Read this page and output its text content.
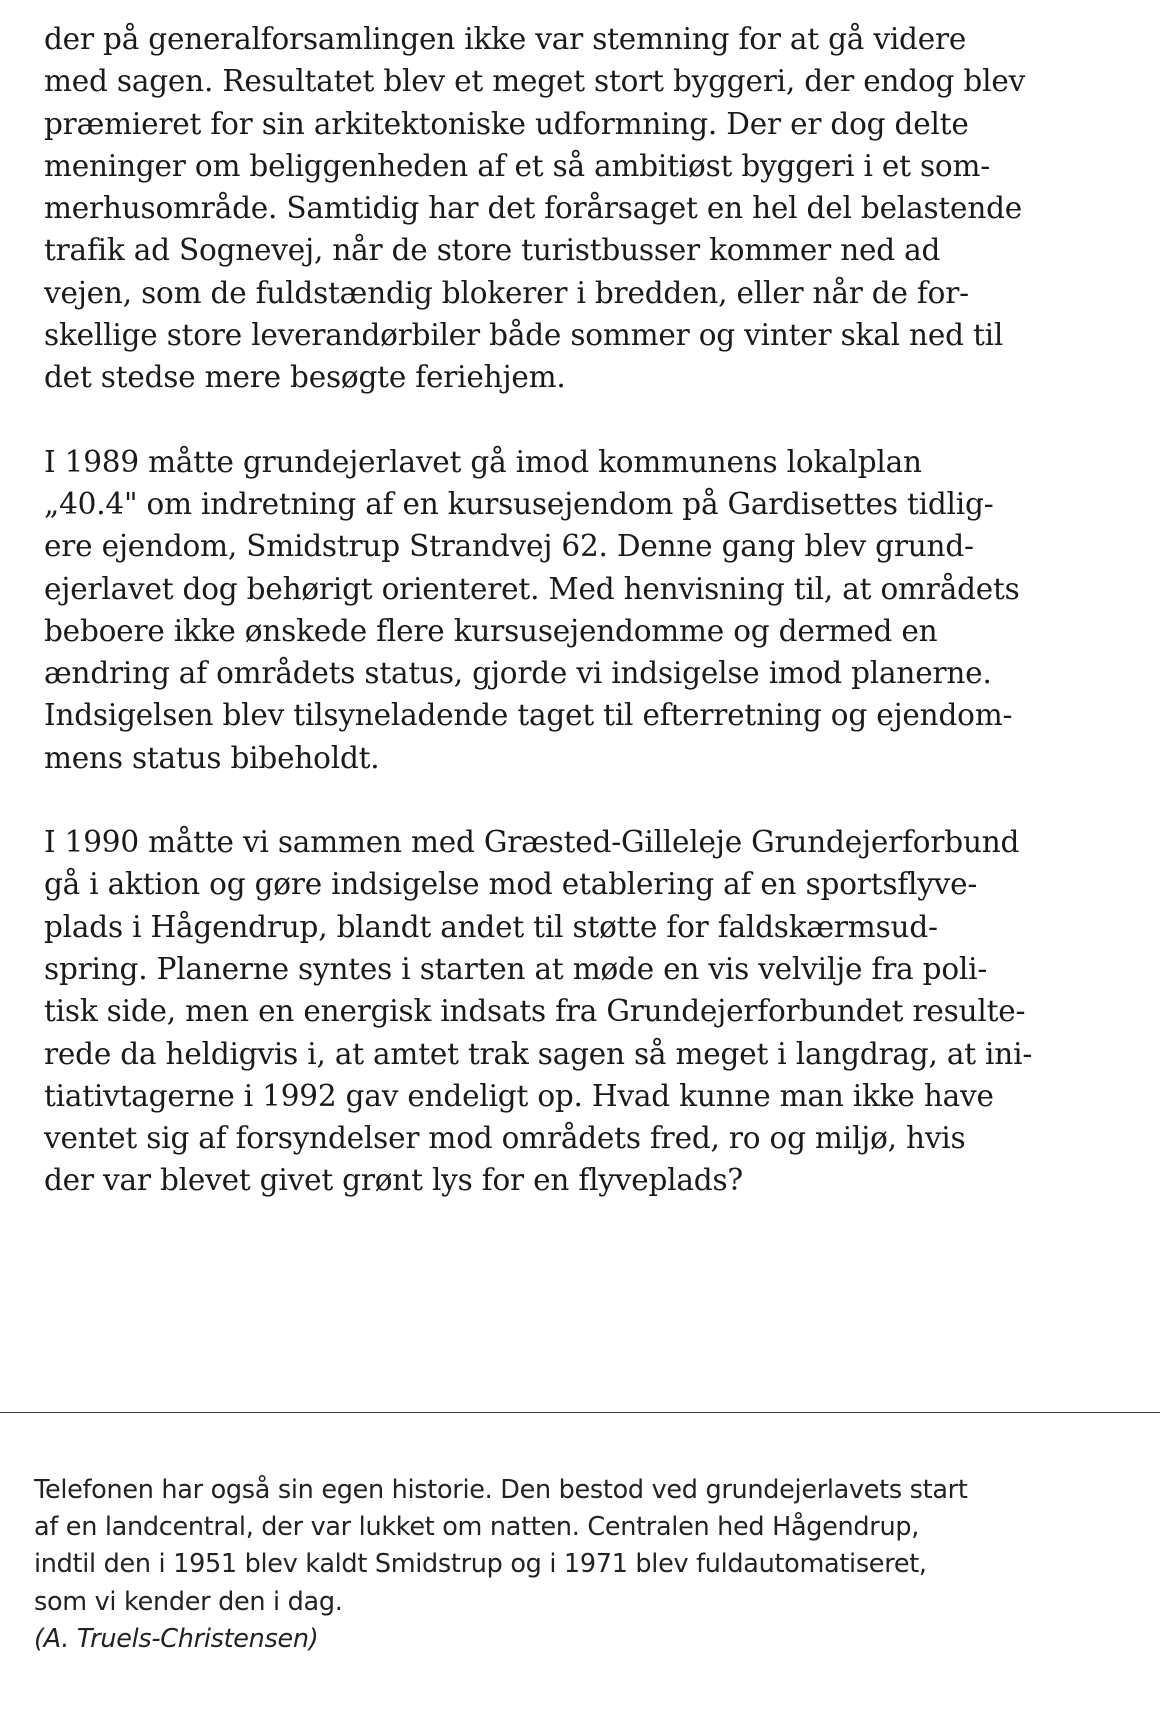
der på generalforsamlingen ikke var stemning for at gå videre
med sagen. Resultatet blev et meget stort byggeri, der endog blev
præmieret for sin arkitektoniske udformning. Der er dog delte
meninger om beliggenheden af et så ambitiøst byggeri i et som-
merhusområde. Samtidig har det forårsaget en hel del belastende
trafik ad Sognevej, når de store turistbusser kommer ned ad
vejen, som de fuldstændig blokerer i bredden, eller når de for-
skellige store leverandørbiler både sommer og vinter skal ned til
det stedse mere besøgte feriehjem.
I 1989 måtte grundejerlavet gå imod kommunens lokalplan
„40.4" om indretning af en kursusejendom på Gardisettes tidlig-
ere ejendom, Smidstrup Strandvej 62. Denne gang blev grund-
ejerlavet dog behørigt orienteret. Med henvisning til, at områdets
beboere ikke ønskede flere kursusejendomme og dermed en
ændring af områdets status, gjorde vi indsigelse imod planerne.
Indsigelsen blev tilsyneladende taget til efterretning og ejendom-
mens status bibeholdt.
I 1990 måtte vi sammen med Græsted-Gilleleje Grundejerforbund
gå i aktion og gøre indsigelse mod etablering af en sportsflyve-
plads i Hågendrup, blandt andet til støtte for faldskærmsud-
spring. Planerne syntes i starten at møde en vis velvilje fra poli-
tisk side, men en energisk indsats fra Grundejerforbundet resulte-
rede da heldigvis i, at amtet trak sagen så meget i langdrag, at ini-
tiativtagerne i 1992 gav endeligt op. Hvad kunne man ikke have
ventet sig af forsyndelser mod områdets fred, ro og miljø, hvis
der var blevet givet grønt lys for en flyveplads?
Telefonen har også sin egen historie. Den bestod ved grundejerlavets start
af en landcentral, der var lukket om natten. Centralen hed Hågendrup,
indtil den i 1951 blev kaldt Smidstrup og i 1971 blev fuldautomatiseret,
som vi kender den i dag.
(A. Truels-Christensen)
